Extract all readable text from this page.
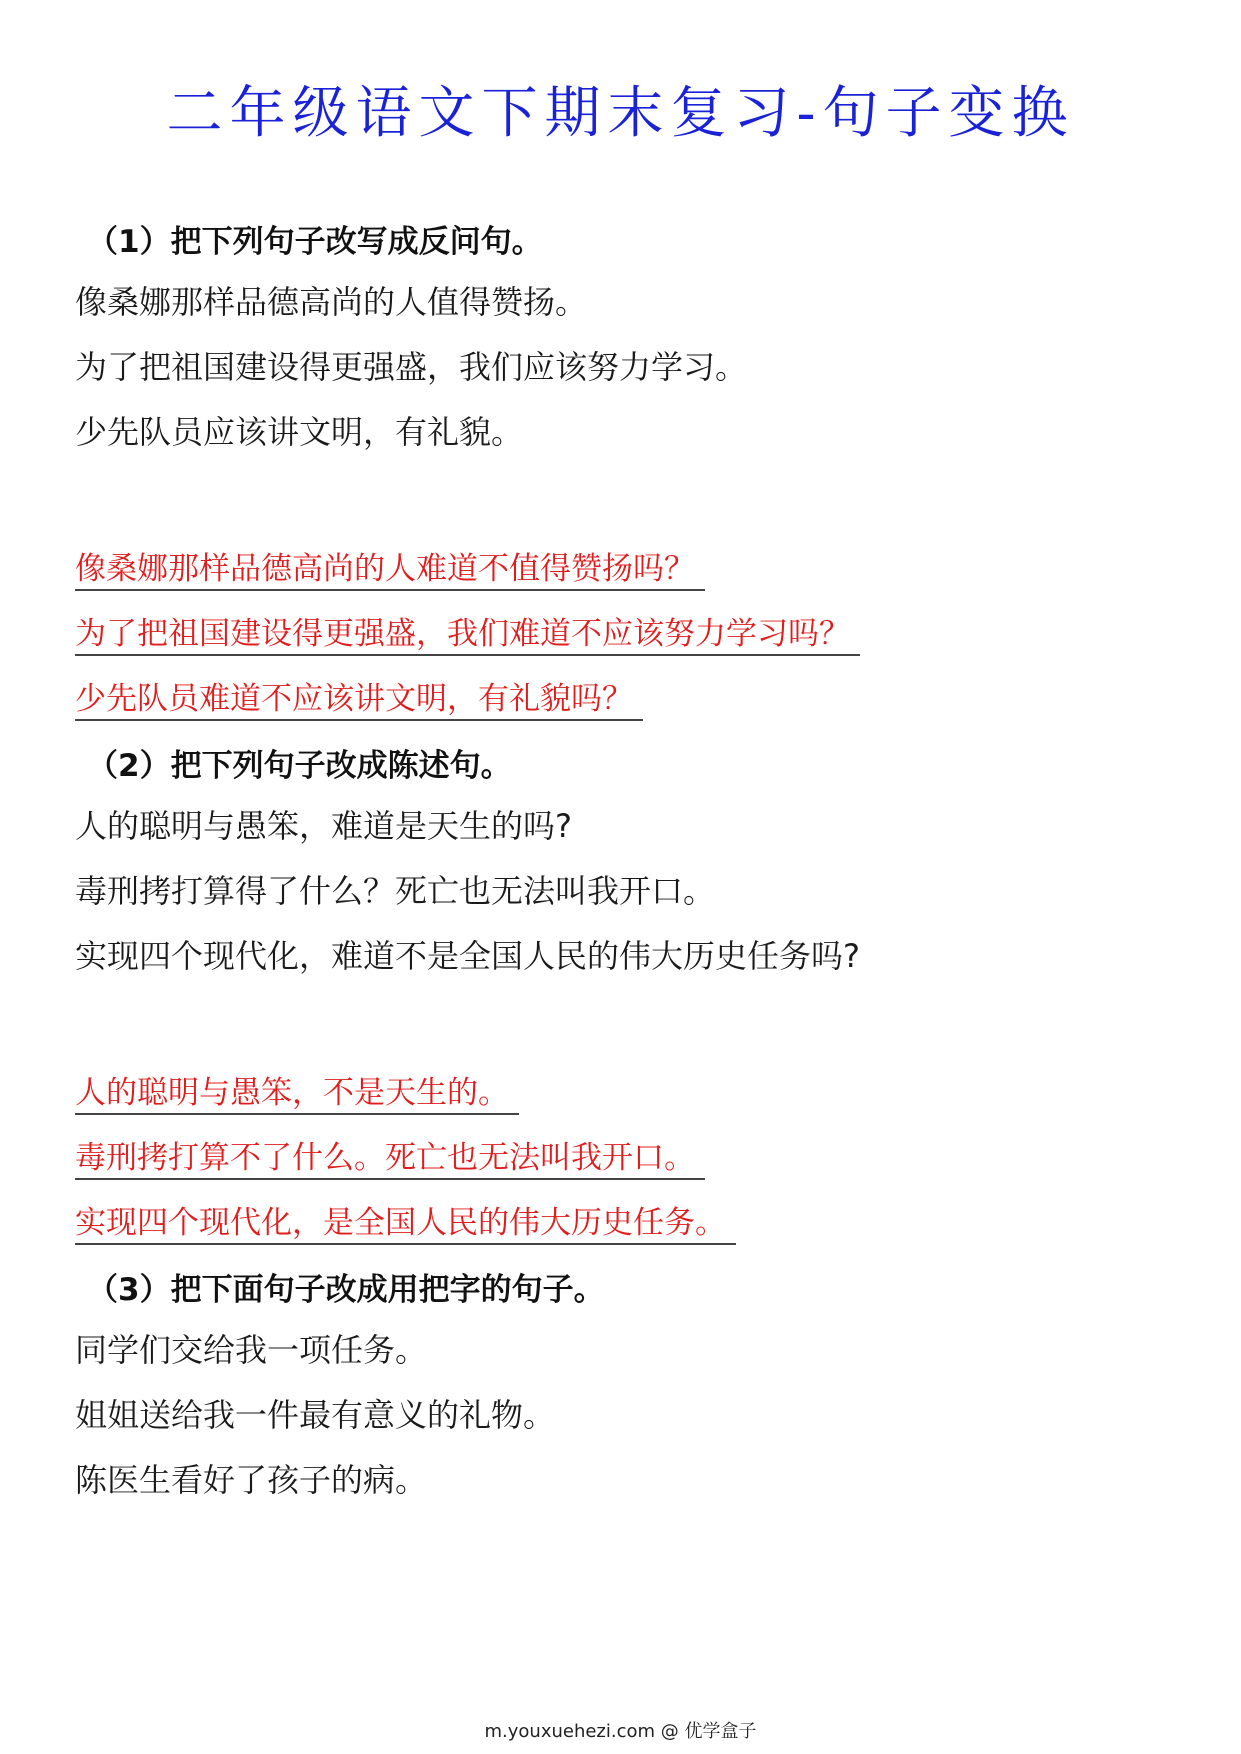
二年级语文下期末复习-句子变换
（1）把下列句子改写成反问句。
像桑娜那样品德高尚的人值得赞扬。
为了把祖国建设得更强盛，我们应该努力学习。
少先队员应该讲文明，有礼貌。
像桑娜那样品德高尚的人难道不值得赞扬吗？
为了把祖国建设得更强盛，我们难道不应该努力学习吗？
少先队员难道不应该讲文明，有礼貌吗？
（2）把下列句子改成陈述句。
人的聪明与愚笨，难道是天生的吗?
毒刑拷打算得了什么？死亡也无法叫我开口。
实现四个现代化，难道不是全国人民的伟大历史任务吗?
人的聪明与愚笨，不是天生的。
毒刑拷打算不了什么。死亡也无法叫我开口。
实现四个现代化，是全国人民的伟大历史任务。
（3）把下面句子改成用把字的句子。
同学们交给我一项任务。
姐姐送给我一件最有意义的礼物。
陈医生看好了孩子的病。
m.youxuehezi.com @ 优学盒子
